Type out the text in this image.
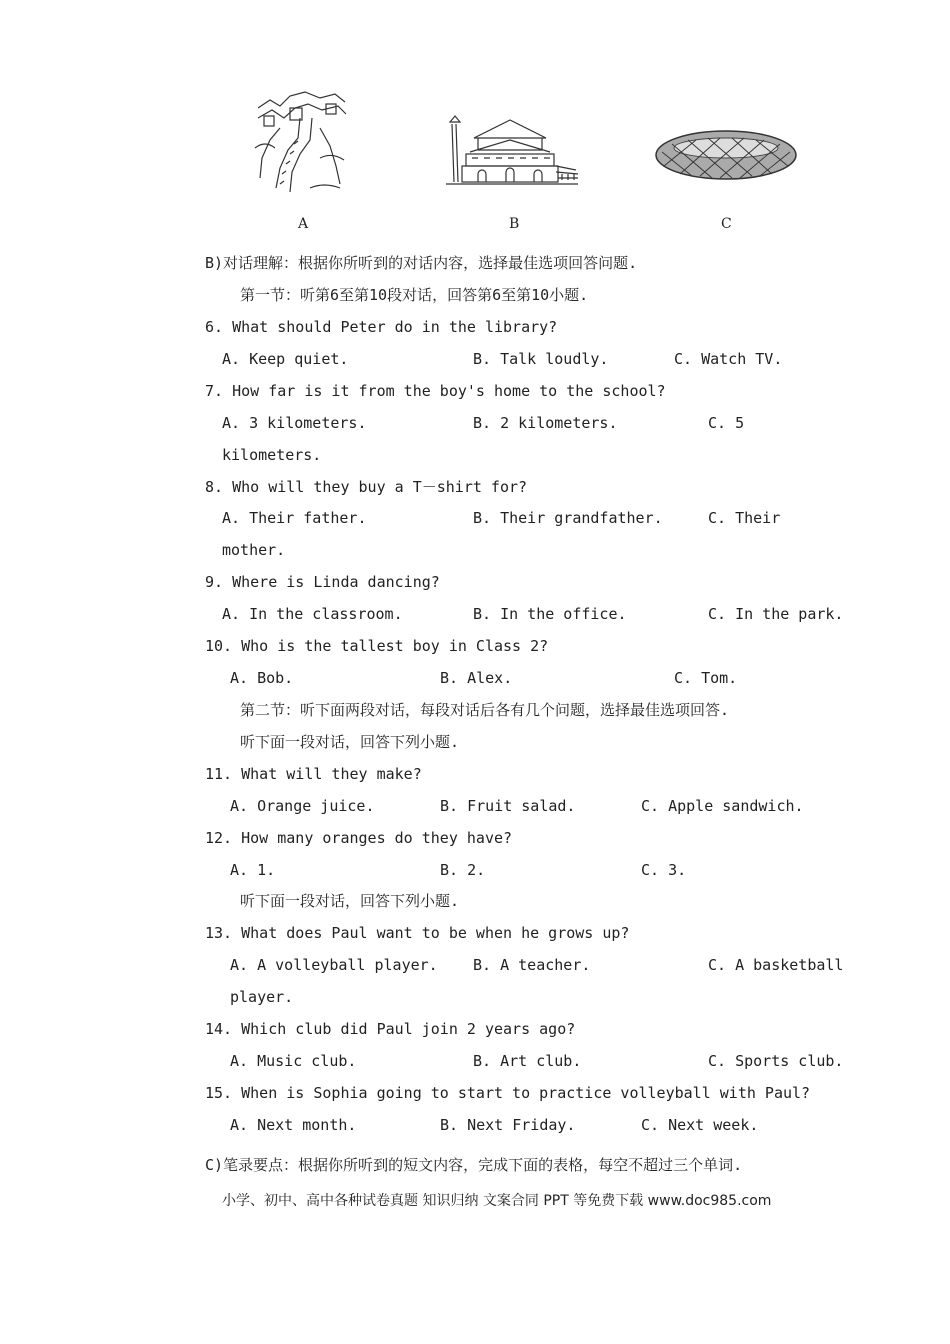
A	B	C
B)对话理解：根据你所听到的对话内容，选择最佳选项回答问题.
第一节：听第6至第10段对话，回答第6至第10小题.
6. What should Peter do in the library?
A. Keep quiet.	B. Talk loudly.	C. Watch TV.
7. How far is it from the boy's home to the school?
A. 3 kilometers.	B. 2 kilometers.	C. 5
kilometers.
8. Who will they buy a T－shirt for?
A. Their father.	B. Their grandfather.	C. Their
mother.
9. Where is Linda dancing?
A. In the classroom.	B. In the office.	C. In the park.
10. Who is the tallest boy in Class 2?
A. Bob.	B. Alex.	C. Tom.
第二节：听下面两段对话，每段对话后各有几个问题，选择最佳选项回答.
听下面一段对话，回答下列小题.
11. What will they make?
A. Orange juice.	B. Fruit salad.	C. Apple sandwich.
12. How many oranges do they have?
A. 1.	B. 2.	C. 3.
听下面一段对话，回答下列小题.
13. What does Paul want to be when he grows up?
A. A volleyball player. B. A teacher.	C. A basketball
player.
14. Which club did Paul join 2 years ago?
A. Music club.	B. Art club.	C. Sports club.
15. When is Sophia going to start to practice volleyball with Paul?
A. Next month.	B. Next Friday.	C. Next week.
C)笔录要点：根据你所听到的短文内容，完成下面的表格，每空不超过三个单词.
小学、初中、高中各种试卷真题 知识归纳 文案合同 PPT 等免费下载 www.doc985.com
